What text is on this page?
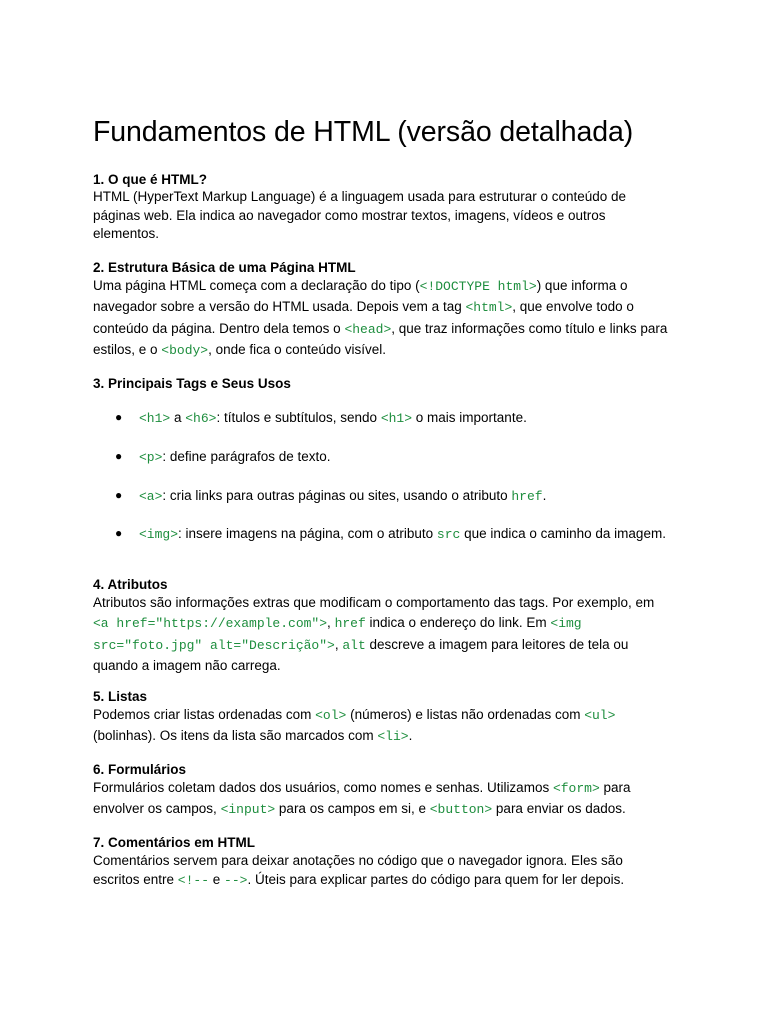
Fundamentos de HTML (versão detalhada)
1. O que é HTML?
HTML (HyperText Markup Language) é a linguagem usada para estruturar o conteúdo de páginas web. Ela indica ao navegador como mostrar textos, imagens, vídeos e outros elementos.
2. Estrutura Básica de uma Página HTML
Uma página HTML começa com a declaração do tipo (<!DOCTYPE html>) que informa o navegador sobre a versão do HTML usada. Depois vem a tag <html>, que envolve todo o conteúdo da página. Dentro dela temos o <head>, que traz informações como título e links para estilos, e o <body>, onde fica o conteúdo visível.
3. Principais Tags e Seus Usos
● <h1> a <h6>: títulos e subtítulos, sendo <h1> o mais importante.
● <p>: define parágrafos de texto.
● <a>: cria links para outras páginas ou sites, usando o atributo href.
● <img>: insere imagens na página, com o atributo src que indica o caminho da imagem.
4. Atributos
Atributos são informações extras que modificam o comportamento das tags. Por exemplo, em <a href="https://example.com">, href indica o endereço do link. Em <img src="foto.jpg" alt="Descrição">, alt descreve a imagem para leitores de tela ou quando a imagem não carrega.
5. Listas
Podemos criar listas ordenadas com <ol> (números) e listas não ordenadas com <ul> (bolinhas). Os itens da lista são marcados com <li>.
6. Formulários
Formulários coletam dados dos usuários, como nomes e senhas. Utilizamos <form> para envolver os campos, <input> para os campos em si, e <button> para enviar os dados.
7. Comentários em HTML
Comentários servem para deixar anotações no código que o navegador ignora. Eles são escritos entre <!-- e -->. Úteis para explicar partes do código para quem for ler depois.
